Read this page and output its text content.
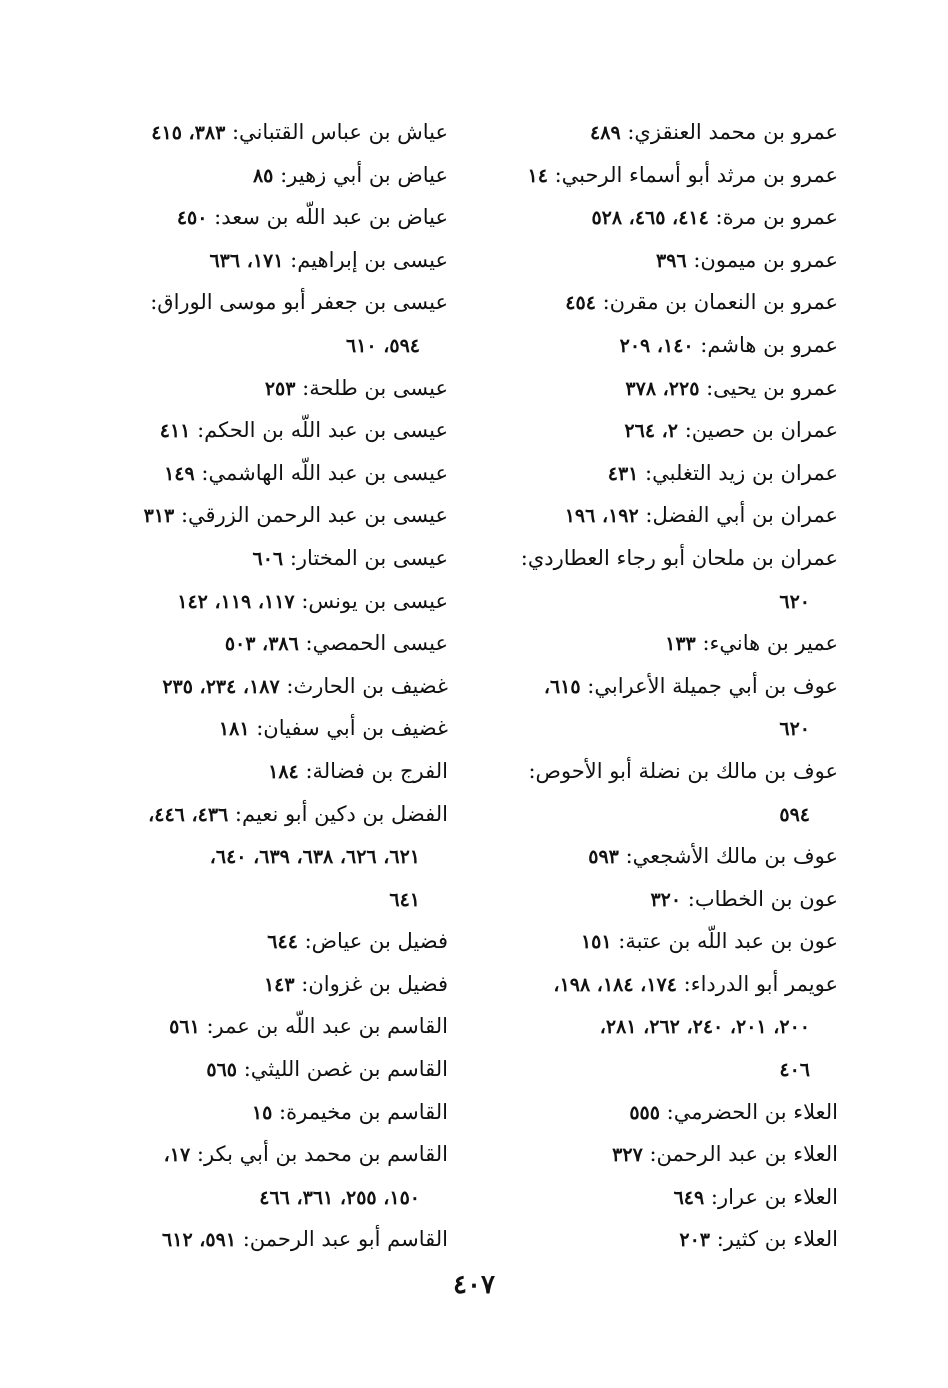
عمرو بن محمد العنقزي: ٤٨٩
عمرو بن مرثد أبو أسماء الرحبي: ١٤
عمرو بن مرة: ٤١٤، ٤٦٥، ٥٢٨
عمرو بن ميمون: ٣٩٦
عمرو بن النعمان بن مقرن: ٤٥٤
عمرو بن هاشم: ١٤٠، ٢٠٩
عمرو بن يحيى: ٢٢٥، ٣٧٨
عمران بن حصين: ٢، ٢٦٤
عمران بن زيد التغلبي: ٤٣١
عمران بن أبي الفضل: ١٩٢، ١٩٦
عمران بن ملحان أبو رجاء العطاردي:
٦٢٠
عمير بن هانيء: ١٣٣
عوف بن أبي جميلة الأعرابي: ٦١٥،
٦٢٠
عوف بن مالك بن نضلة أبو الأحوص:
٥٩٤
عوف بن مالك الأشجعي: ٥٩٣
عون بن الخطاب: ٣٢٠
عون بن عبد اللّه بن عتبة: ١٥١
عويمر أبو الدرداء: ١٧٤، ١٨٤، ١٩٨،
٢٠٠، ٢٠١، ٢٤٠، ٢٦٢، ٢٨١،
٤٠٦
العلاء بن الحضرمي: ٥٥٥
العلاء بن عبد الرحمن: ٣٢٧
العلاء بن عرار: ٦٤٩
العلاء بن كثير: ٢٠٣
عياش بن عباس القتباني: ٣٨٣، ٤١٥
عياض بن أبي زهير: ٨٥
عياض بن عبد اللّه بن سعد: ٤٥٠
عيسى بن إبراهيم: ١٧١، ٦٣٦
عيسى بن جعفر أبو موسى الوراق:
٥٩٤، ٦١٠
عيسى بن طلحة: ٢٥٣
عيسى بن عبد اللّه بن الحكم: ٤١١
عيسى بن عبد اللّه الهاشمي: ١٤٩
عيسى بن عبد الرحمن الزرقي: ٣١٣
عيسى بن المختار: ٦٠٦
عيسى بن يونس: ١١٧، ١١٩، ١٤٢
عيسى الحمصي: ٣٨٦، ٥٠٣
غضيف بن الحارث: ١٨٧، ٢٣٤، ٢٣٥
غضيف بن أبي سفيان: ١٨١
الفرج بن فضالة: ١٨٤
الفضل بن دكين أبو نعيم: ٤٣٦، ٤٤٦،
٦٢١، ٦٢٦، ٦٣٨، ٦٣٩، ٦٤٠،
٦٤١
فضيل بن عياض: ٦٤٤
فضيل بن غزوان: ١٤٣
القاسم بن عبد اللّه بن عمر: ٥٦١
القاسم بن غصن الليثي: ٥٦٥
القاسم بن مخيمرة: ١٥
القاسم بن محمد بن أبي بكر: ١٧،
١٥٠، ٢٥٥، ٣٦١، ٤٦٦
القاسم أبو عبد الرحمن: ٥٩١، ٦١٢
٤٠٧
